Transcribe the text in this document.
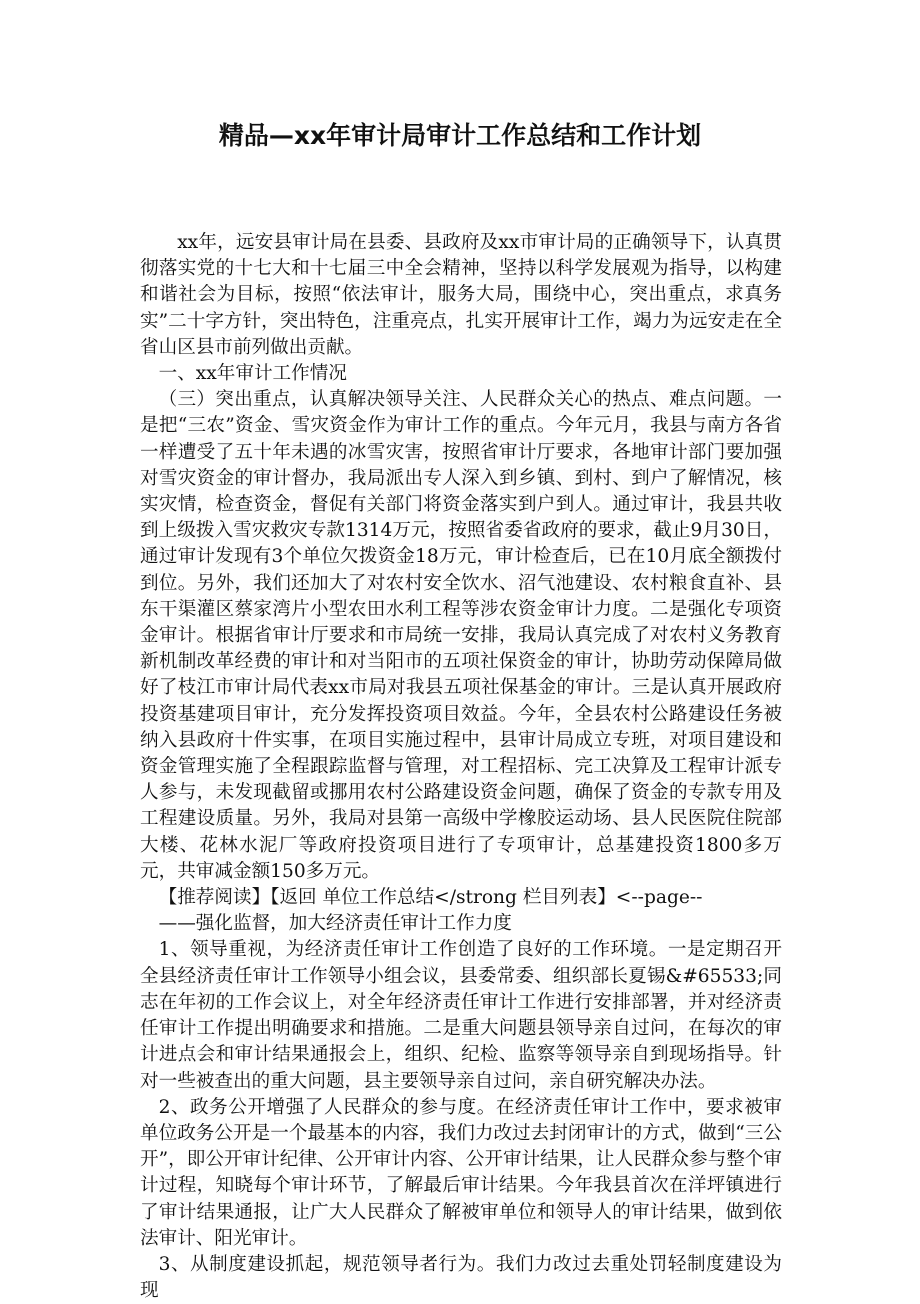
精品—xx年审计局审计工作总结和工作计划

xx年，远安县审计局在县委、县政府及xx市审计局的正确领导下，认真贯彻落实党的十七大和十七届三中全会精神，坚持以科学发展观为指导，以构建和谐社会为目标，按照“依法审计，服务大局，围绕中心，突出重点，求真务实”二十字方针，突出特色，注重亮点，扎实开展审计工作，竭力为远安走在全省山区县市前列做出贡献。

一、xx年审计工作情况

（三）突出重点，认真解决领导关注、人民群众关心的热点、难点问题。一是把“三农”资金、雪灾资金作为审计工作的重点。今年元月，我县与南方各省一样遭受了五十年未遇的冰雪灾害，按照省审计厅要求，各地审计部门要加强对雪灾资金的审计督办，我局派出专人深入到乡镇、到村、到户了解情况，核实灾情，检查资金，督促有关部门将资金落实到户到人。通过审计，我县共收到上级拨入雪灾救灾专款1314万元，按照省委省政府的要求，截止9月30日，通过审计发现有3个单位欠拨资金18万元，审计检查后，已在10月底全额拨付到位。另外，我们还加大了对农村安全饮水、沼气池建设、农村粮食直补、县东干渠灌区蔡家湾片小型农田水利工程等涉农资金审计力度。二是强化专项资金审计。根据省审计厅要求和市局统一安排，我局认真完成了对农村义务教育新机制改革经费的审计和对当阳市的五项社保资金的审计，协助劳动保障局做好了枝江市审计局代表xx市局对我县五项社保基金的审计。三是认真开展政府投资基建项目审计，充分发挥投资项目效益。今年，全县农村公路建设任务被纳入县政府十件实事，在项目实施过程中，县审计局成立专班，对项目建设和资金管理实施了全程跟踪监督与管理，对工程招标、完工决算及工程审计派专人参与，未发现截留或挪用农村公路建设资金问题，确保了资金的专款专用及工程建设质量。另外，我局对县第一高级中学橡胶运动场、县人民医院住院部大楼、花林水泥厂等政府投资项目进行了专项审计，总基建投资1800多万元，共审减金额150多万元。

【推荐阅读】【返回 单位工作总结</strong 栏目列表】<--page--

——强化监督，加大经济责任审计工作力度

1、领导重视，为经济责任审计工作创造了良好的工作环境。一是定期召开全县经济责任审计工作领导小组会议，县委常委、组织部长夏锡&#65533;同志在年初的工作会议上，对全年经济责任审计工作进行安排部署，并对经济责任审计工作提出明确要求和措施。二是重大问题县领导亲自过问，在每次的审计进点会和审计结果通报会上，组织、纪检、监察等领导亲自到现场指导。针对一些被查出的重大问题，县主要领导亲自过问，亲自研究解决办法。

2、政务公开增强了人民群众的参与度。在经济责任审计工作中，要求被审单位政务公开是一个最基本的内容，我们力改过去封闭审计的方式，做到“三公开”，即公开审计纪律、公开审计内容、公开审计结果，让人民群众参与整个审计过程，知晓每个审计环节，了解最后审计结果。今年我县首次在洋坪镇进行了审计结果通报，让广大人民群众了解被审单位和领导人的审计结果，做到依法审计、阳光审计。

3、从制度建设抓起，规范领导者行为。我们力改过去重处罚轻制度建设为现
